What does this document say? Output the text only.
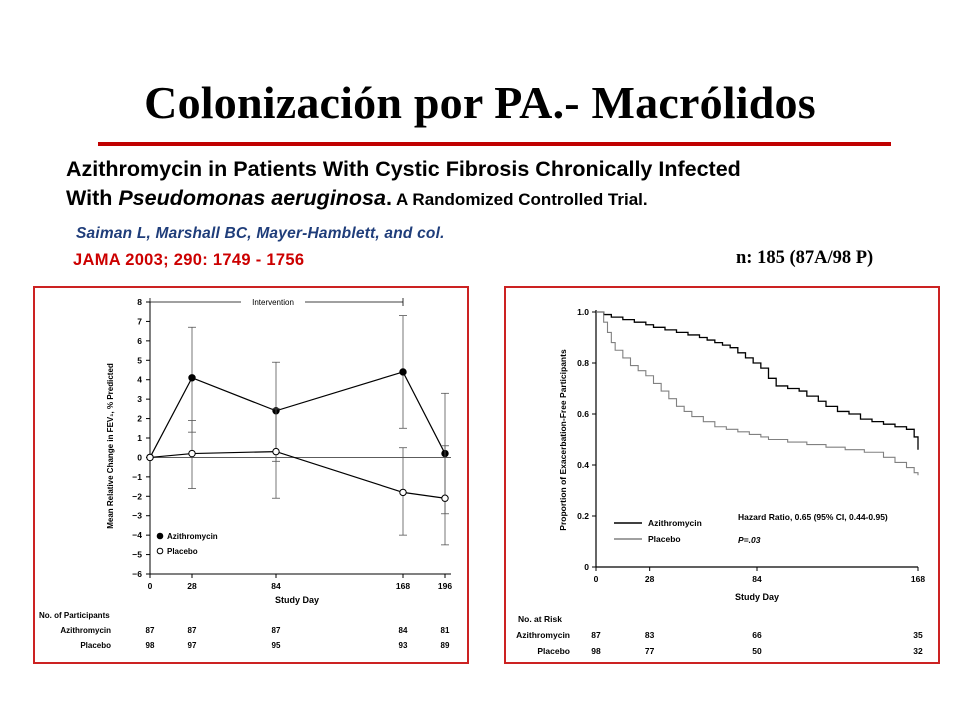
Colonización por PA.- Macrólidos
Azithromycin in Patients With Cystic Fibrosis Chronically Infected
With Pseudomonas aeruginosa. A Randomized Controlled Trial.
Saiman L, Marshall BC, Mayer-Hamblett, and col.
JAMA 2003; 290: 1749 - 1756	n: 185 (87A/98 P)
Intervention
8
7
6
5
4
3
2
1
0
−1
−2
−3
−4
−5
−6
0	28	84	168	196
Study Day
Mean Relative Change in FEV₁, % Predicted
Azithromycin
Placebo
No. of Participants
Azithromycin	87	87	87	84	81
Placebo	98	97	95	93	89
1.0
0.8
0.6
0.4
0.2
0
0	28	84	168
Study Day
Proportion of Exacerbation-Free Participants	Azithromycin
Placebo
Hazard Ratio, 0.65 (95% CI, 0.44-0.95)
P=.03
No. at Risk
Azithromycin	87	83	66	35
Placebo	98	77	50	32
